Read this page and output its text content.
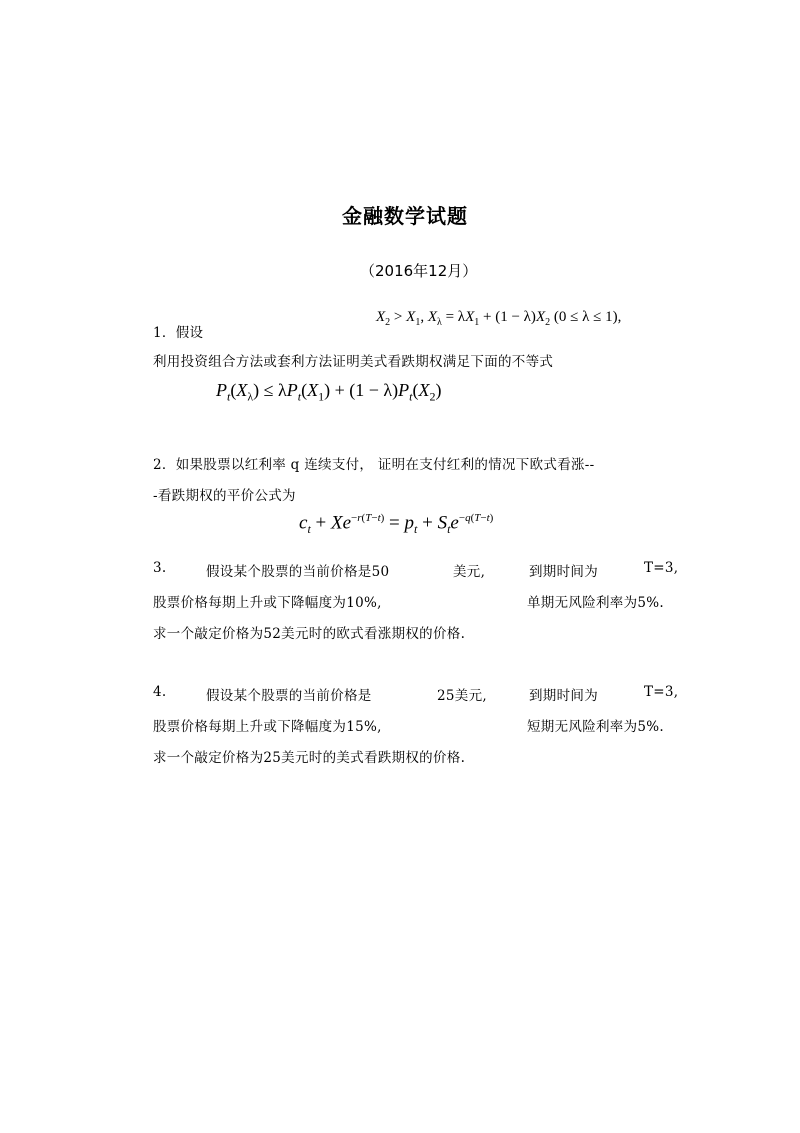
金融数学试题
（2016年12月）
1．假设
$X_2 > X_1$, $X_\lambda = \lambda X_1 + (1 - \lambda)X_2$ (0 ≤ λ ≤ 1),
利用投资组合方法或套利方法证明美式看跌期权满足下面的不等式
$P_t(X_\lambda) \le \lambda P_t(X_1) + (1 - \lambda)P_t(X_2)$
2．如果股票以红利率 q 连续支付， 证明在支付红利的情况下欧式看涨--
-看跌期权的平价公式为
$c_t + Xe^{-r(T-t)} = p_t + S_te^{-q(T-t)}$
3.	假设某个股票的当前价格是50	美元,	到期时间为	T=3,
股票价格每期上升或下降幅度为10%,	单期无风险利率为5%.
求一个敲定价格为52美元时的欧式看涨期权的价格.
4.	假设某个股票的当前价格是	25美元,	到期时间为	T=3,
股票价格每期上升或下降幅度为15%,	短期无风险利率为5%.
求一个敲定价格为25美元时的美式看跌期权的价格.
